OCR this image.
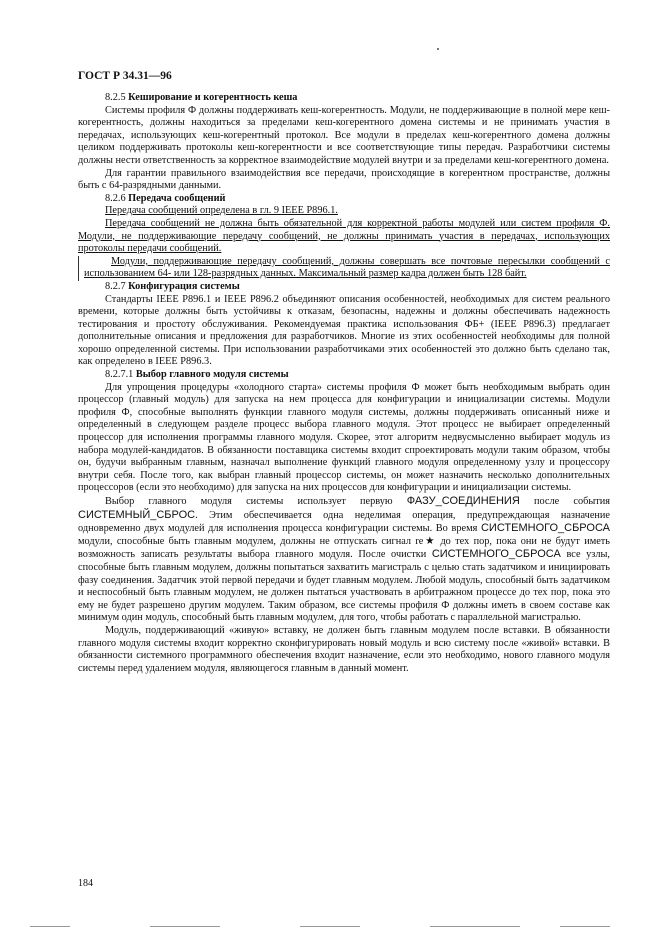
ГОСТ Р 34.31—96
8.2.5 Кеширование и когерентность кеша

Системы профиля Ф должны поддерживать кеш-когерентность. Модули, не поддерживающие в полной мере кеш-когерентность, должны находиться за пределами кеш-когерентного домена системы и не принимать участия в передачах, использующих кеш-когерентный протокол. Все модули в пределах кеш-когерентного домена должны целиком поддерживать протоколы кеш-когерентности и все соответствующие типы передач. Разработчики системы должны нести ответственность за корректное взаимодействие модулей внутри и за пределами кеш-когерентного домена.

Для гарантии правильного взаимодействия все передачи, происходящие в когерентном пространстве, должны быть с 64-разрядными данными.

8.2.6 Передача сообщений

Передача сообщений определена в гл. 9 IEEE P896.1.

Передача сообщений не должна быть обязательной для корректной работы модулей или систем профиля Ф. Модули, не поддерживающие передачу сообщений, не должны принимать участия в передачах, использующих протоколы передачи сообщений.

Модули, поддерживающие передачу сообщений, должны совершать все почтовые пересылки сообщений с использованием 64- или 128-разрядных данных. Максимальный размер кадра должен быть 128 байт.

8.2.7 Конфигурация системы

Стандарты IEEE P896.1 и IEEE P896.2 объединяют описания особенностей, необходимых для систем реального времени, которые должны быть устойчивы к отказам, безопасны, надежны и должны обеспечивать надежность тестирования и простоту обслуживания. Рекомендуемая практика использования ФБ+ (IEEE P896.3) предлагает дополнительные описания и предложения для разработчиков. Многие из этих особенностей необходимы для полной хорошо определенной системы. При использовании разработчиками этих особенностей это должно быть сделано так, как определено в IEEE P896.3.

8.2.7.1 Выбор главного модуля системы

Для упрощения процедуры «холодного старта» системы профиля Ф может быть необходимым выбрать один процессор (главный модуль) для запуска на нем процесса для конфигурации и инициализации системы. Модули профиля Ф, способные выполнять функции главного модуля системы, должны поддерживать описанный ниже и определенный в следующем разделе процесс выбора главного модуля. Этот процесс не выбирает определенный процессор для исполнения программы главного модуля. Скорее, этот алгоритм недвусмысленно выбирает модуль из набора модулей-кандидатов. В обязанности поставщика системы входит спроектировать модули таким образом, чтобы он, будучи выбранным главным, назначал выполнение функций главного модуля определенному узлу и процессору внутри себя. После того, как выбран главный процессор системы, он может назначить несколько дополнительных процессоров (если это необходимо) для запуска на них процессов для конфигурации и инициализации системы.

Выбор главного модуля системы использует первую ФАЗУ_СОЕДИНЕНИЯ после события СИСТЕМНЫЙ_СБРОС. Этим обеспечивается одна неделимая операция, предупреждающая назначение одновременно двух модулей для исполнения процесса конфигурации системы. Во время СИСТЕМНОГО_СБРОСА модули, способные быть главным модулем, должны не отпускать сигнал re★ до тех пор, пока они не будут иметь возможность записать результаты выбора главного модуля. После очистки СИСТЕМНОГО_СБРОСА все узлы, способные быть главным модулем, должны попытаться захватить магистраль с целью стать задатчиком и инициировать фазу соединения. Задатчик этой первой передачи и будет главным модулем. Любой модуль, способный быть задатчиком и неспособный быть главным модулем, не должен пытаться участвовать в арбитражном процессе до тех пор, пока это ему не будет разрешено другим модулем. Таким образом, все системы профиля Ф должны иметь в своем составе как минимум один модуль, способный быть главным модулем, для того, чтобы работать с параллельной магистралью.

Модуль, поддерживающий «живую» вставку, не должен быть главным модулем после вставки. В обязанности главного модуля системы входит корректно сконфигурировать новый модуль и всю систему после «живой» вставки. В обязанности системного программного обеспечения входит назначение, если это необходимо, нового главного модуля системы перед удалением модуля, являющегося главным в данный момент.

184
